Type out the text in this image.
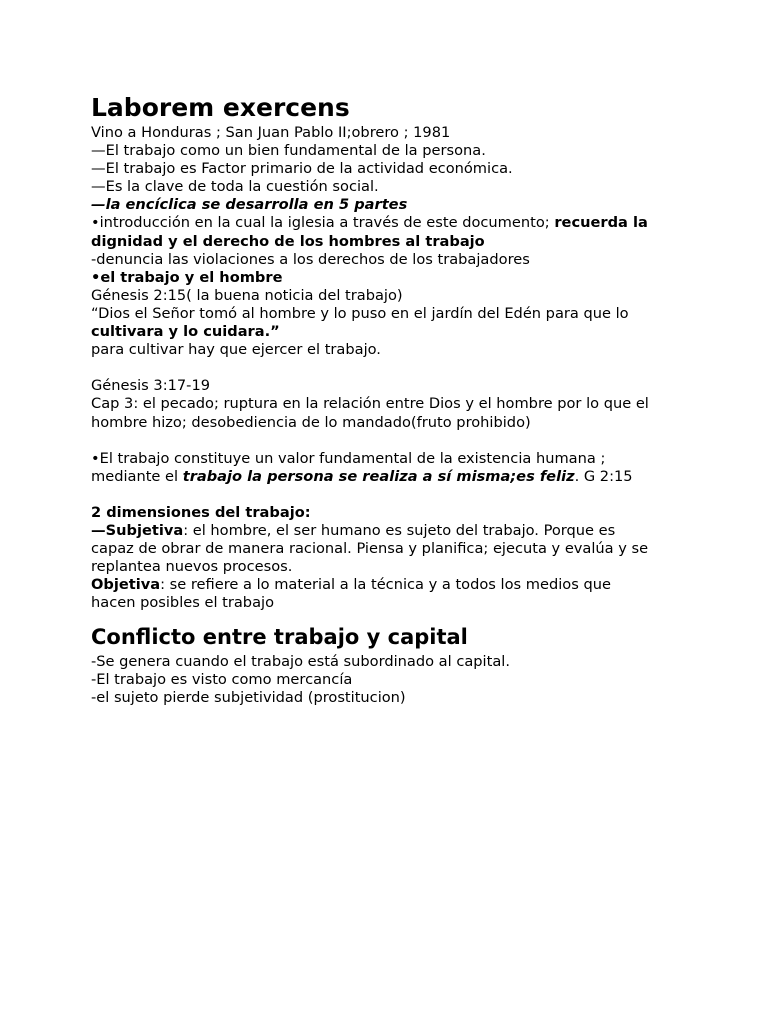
Laborem exercens
Vino a Honduras ; San Juan Pablo II;obrero ; 1981
—El trabajo como un bien fundamental de la persona.
—El trabajo es Factor primario de la actividad económica.
—Es la clave de toda la cuestión social.
—la encíclica se desarrolla en 5 partes
•introducción en la cual la iglesia a través de este documento; recuerda la
dignidad y el derecho de los hombres al trabajo
-denuncia las violaciones a los derechos de los trabajadores
•el trabajo y el hombre
Génesis 2:15( la buena noticia del trabajo)
“Dios el Señor tomó al hombre y lo puso en el jardín del Edén para que lo
cultivara y lo cuidara.”
para cultivar hay que ejercer el trabajo.
Génesis 3:17-19
Cap 3: el pecado; ruptura en la relación entre Dios y el hombre por lo que el
hombre hizo; desobediencia de lo mandado(fruto prohibido)
•El trabajo constituye un valor fundamental de la existencia humana ;
mediante el trabajo la persona se realiza a sí misma;es feliz. G 2:15
2 dimensiones del trabajo:
—Subjetiva: el hombre, el ser humano es sujeto del trabajo. Porque es
capaz de obrar de manera racional. Piensa y planifica; ejecuta y evalúa y se
replantea nuevos procesos.
Objetiva: se refiere a lo material a la técnica y a todos los medios que
hacen posibles el trabajo
Conflicto entre trabajo y capital
-Se genera cuando el trabajo está subordinado al capital.
-El trabajo es visto como mercancía
-el sujeto pierde subjetividad (prostitucion)
